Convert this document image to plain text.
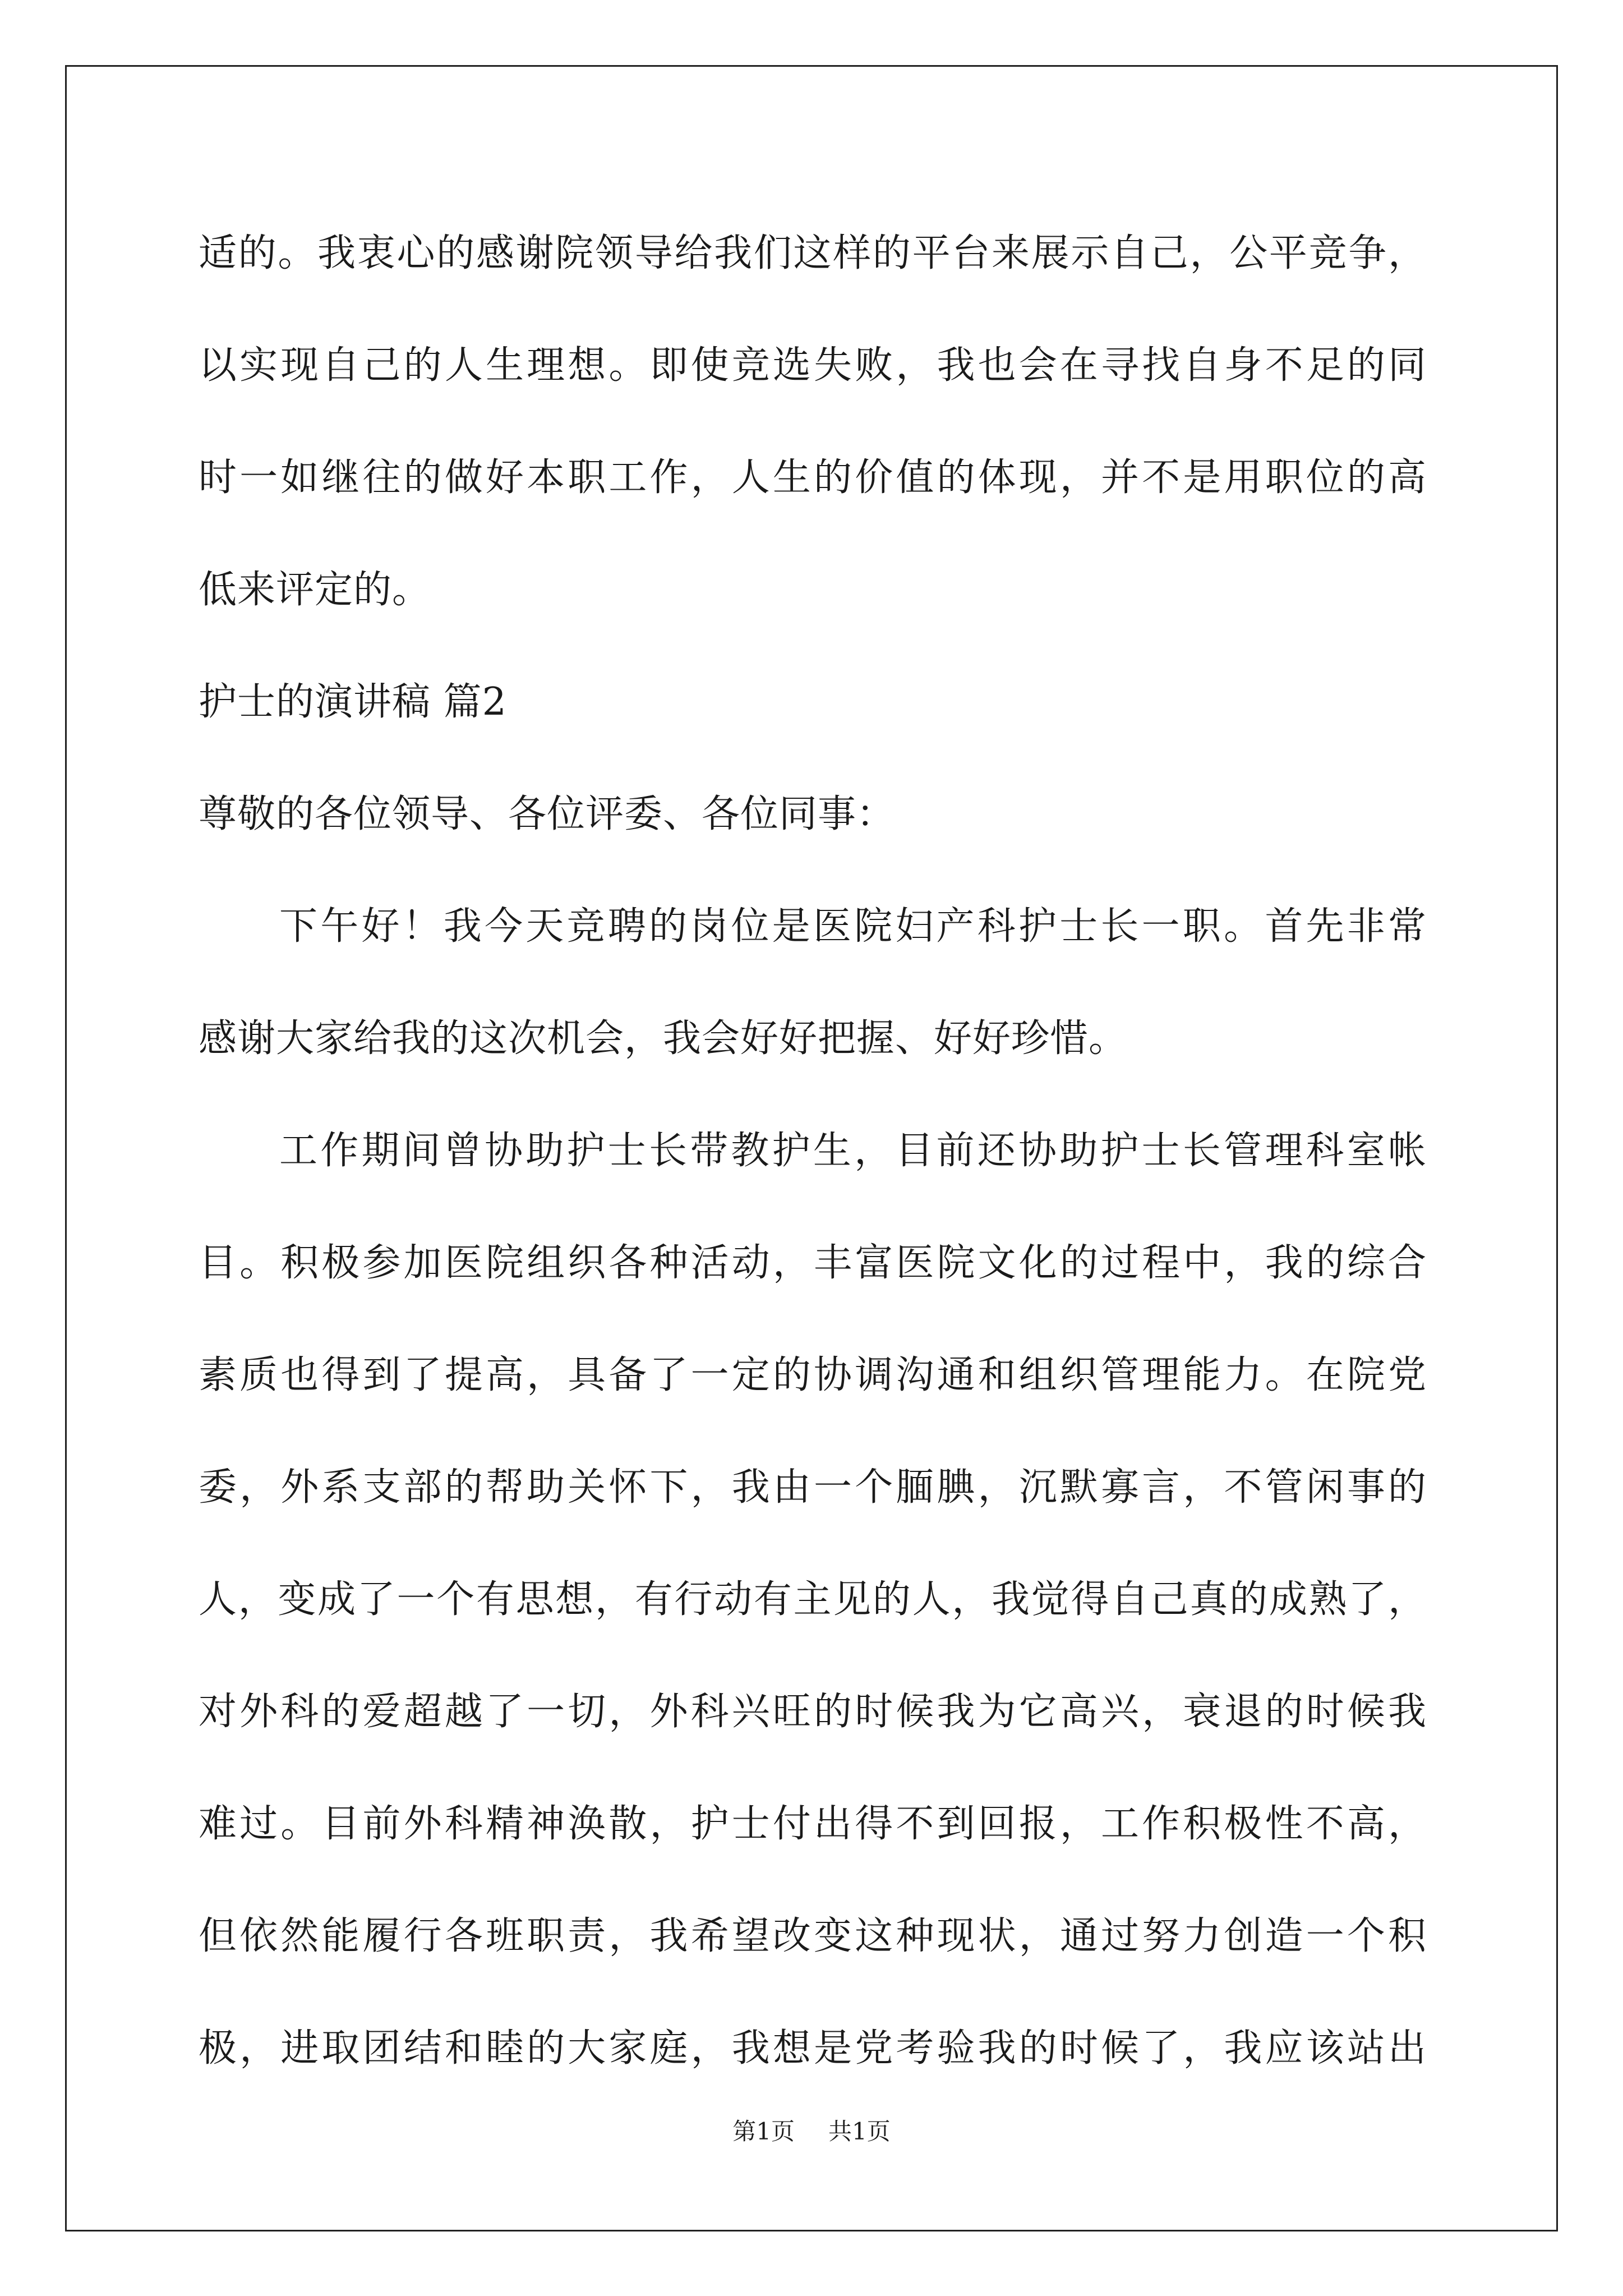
适的。我衷心的感谢院领导给我们这样的平台来展示自己，公平竞争，
以实现自己的人生理想。即使竞选失败，我也会在寻找自身不足的同
时一如继往的做好本职工作，人生的价值的体现，并不是用职位的高
低来评定的。
护士的演讲稿 篇2
尊敬的各位领导、各位评委、各位同事：
下午好！我今天竞聘的岗位是医院妇产科护士长一职。首先非常
感谢大家给我的这次机会，我会好好把握、好好珍惜。
工作期间曾协助护士长带教护生，目前还协助护士长管理科室帐
目。积极参加医院组织各种活动，丰富医院文化的过程中，我的综合
素质也得到了提高，具备了一定的协调沟通和组织管理能力。在院党
委，外系支部的帮助关怀下，我由一个腼腆，沉默寡言，不管闲事的
人，变成了一个有思想，有行动有主见的人，我觉得自己真的成熟了，
对外科的爱超越了一切，外科兴旺的时候我为它高兴，衰退的时候我
难过。目前外科精神涣散，护士付出得不到回报，工作积极性不高，
但依然能履行各班职责，我希望改变这种现状，通过努力创造一个积
极，进取团结和睦的大家庭，我想是党考验我的时候了，我应该站出
第1页 共1页
